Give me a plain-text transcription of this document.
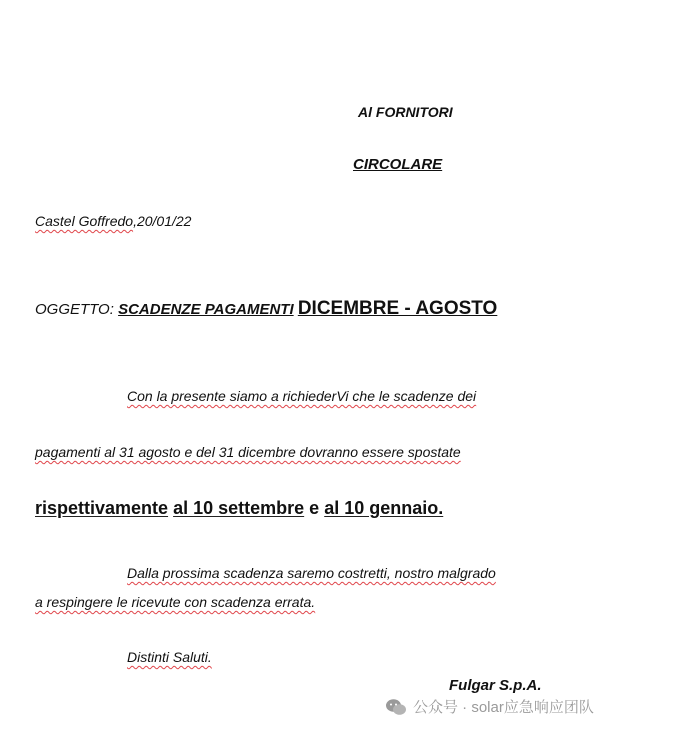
Al FORNITORI
CIRCOLARE
Castel Goffredo,20/01/22
OGGETTO: SCADENZE PAGAMENTI DICEMBRE - AGOSTO
Con la presente siamo a richiederVi che le scadenze dei
pagamenti al 31 agosto e del 31 dicembre dovranno essere spostate
rispettivamente al 10 settembre e al 10 gennaio.
Dalla prossima scadenza saremo costretti, nostro malgrado
a respingere le ricevute con scadenza errata.
Distinti Saluti.
Fulgar S.p.A.
公众号 · solar应急响应团队
